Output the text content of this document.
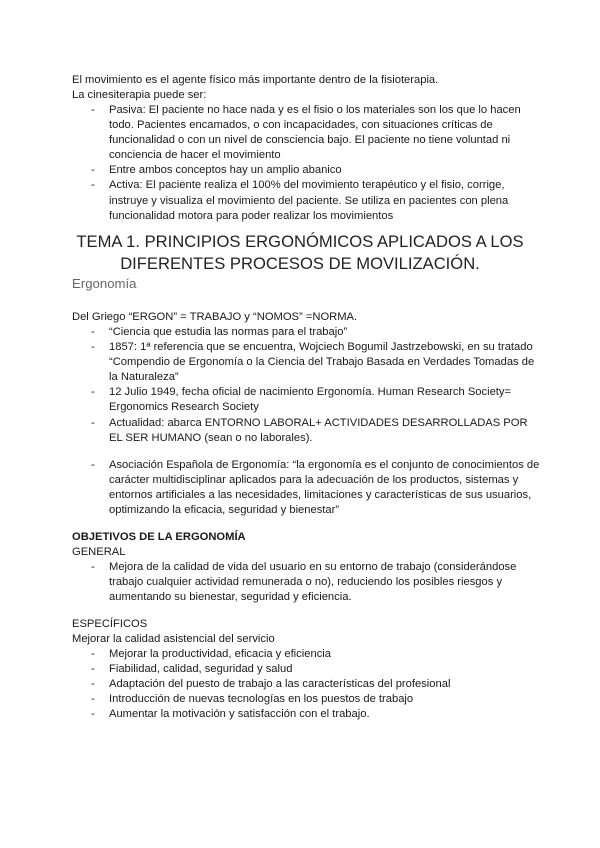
El movimiento es el agente físico más importante dentro de la fisioterapia.

La cinesiterapia puede ser:

- Pasiva: El paciente no hace nada y es el fisio o los materiales son los que lo hacen todo. Pacientes encamados, o con incapacidades, con situaciones críticas de funcionalidad o con un nivel de consciencia bajo. El paciente no tiene voluntad ni conciencia de hacer el movimiento
- Entre ambos conceptos hay un amplio abanico
- Activa: El paciente realiza el 100% del movimiento terapéutico y el fisio, corrige, instruye y visualiza el movimiento del paciente. Se utiliza en pacientes con plena funcionalidad motora para poder realizar los movimientos
TEMA 1. PRINCIPIOS ERGONÓMICOS APLICADOS A LOS DIFERENTES PROCESOS DE MOVILIZACIÓN.
Ergonomía

Del Griego “ERGON” = TRABAJO y “NOMOS” =NORMA.

- “Ciencia que estudia las normas para el trabajo”
- 1857: 1ª referencia que se encuentra, Wojciech Bogumil Jastrzebowski, en su tratado “Compendio de Ergonomía o la Ciencia del Trabajo Basada en Verdades Tomadas de la Naturaleza”
- 12 Julio 1949, fecha oficial de nacimiento Ergonomía. Human Research Society= Ergonomics Research Society
- Actualidad: abarca ENTORNO LABORAL+ ACTIVIDADES DESARROLLADAS POR EL SER HUMANO (sean o no laborales).
- Asociación Española de Ergonomía: “la ergonomía es el conjunto de conocimientos de carácter multidisciplinar aplicados para la adecuación de los productos, sistemas y entornos artificiales a las necesidades, limitaciones y características de sus usuarios, optimizando la eficacia, seguridad y bienestar”

OBJETIVOS DE LA ERGONOMÍA

GENERAL

- Mejora de la calidad de vida del usuario en su entorno de trabajo (considerándose trabajo cualquier actividad remunerada o no), reduciendo los posibles riesgos y aumentando su bienestar, seguridad y eficiencia.

ESPECÍFICOS

Mejorar la calidad asistencial del servicio

- Mejorar la productividad, eficacia y eficiencia
- Fiabilidad, calidad, seguridad y salud
- Adaptación del puesto de trabajo a las características del profesional
- Introducción de nuevas tecnologías en los puestos de trabajo
- Aumentar la motivación y satisfacción con el trabajo.
